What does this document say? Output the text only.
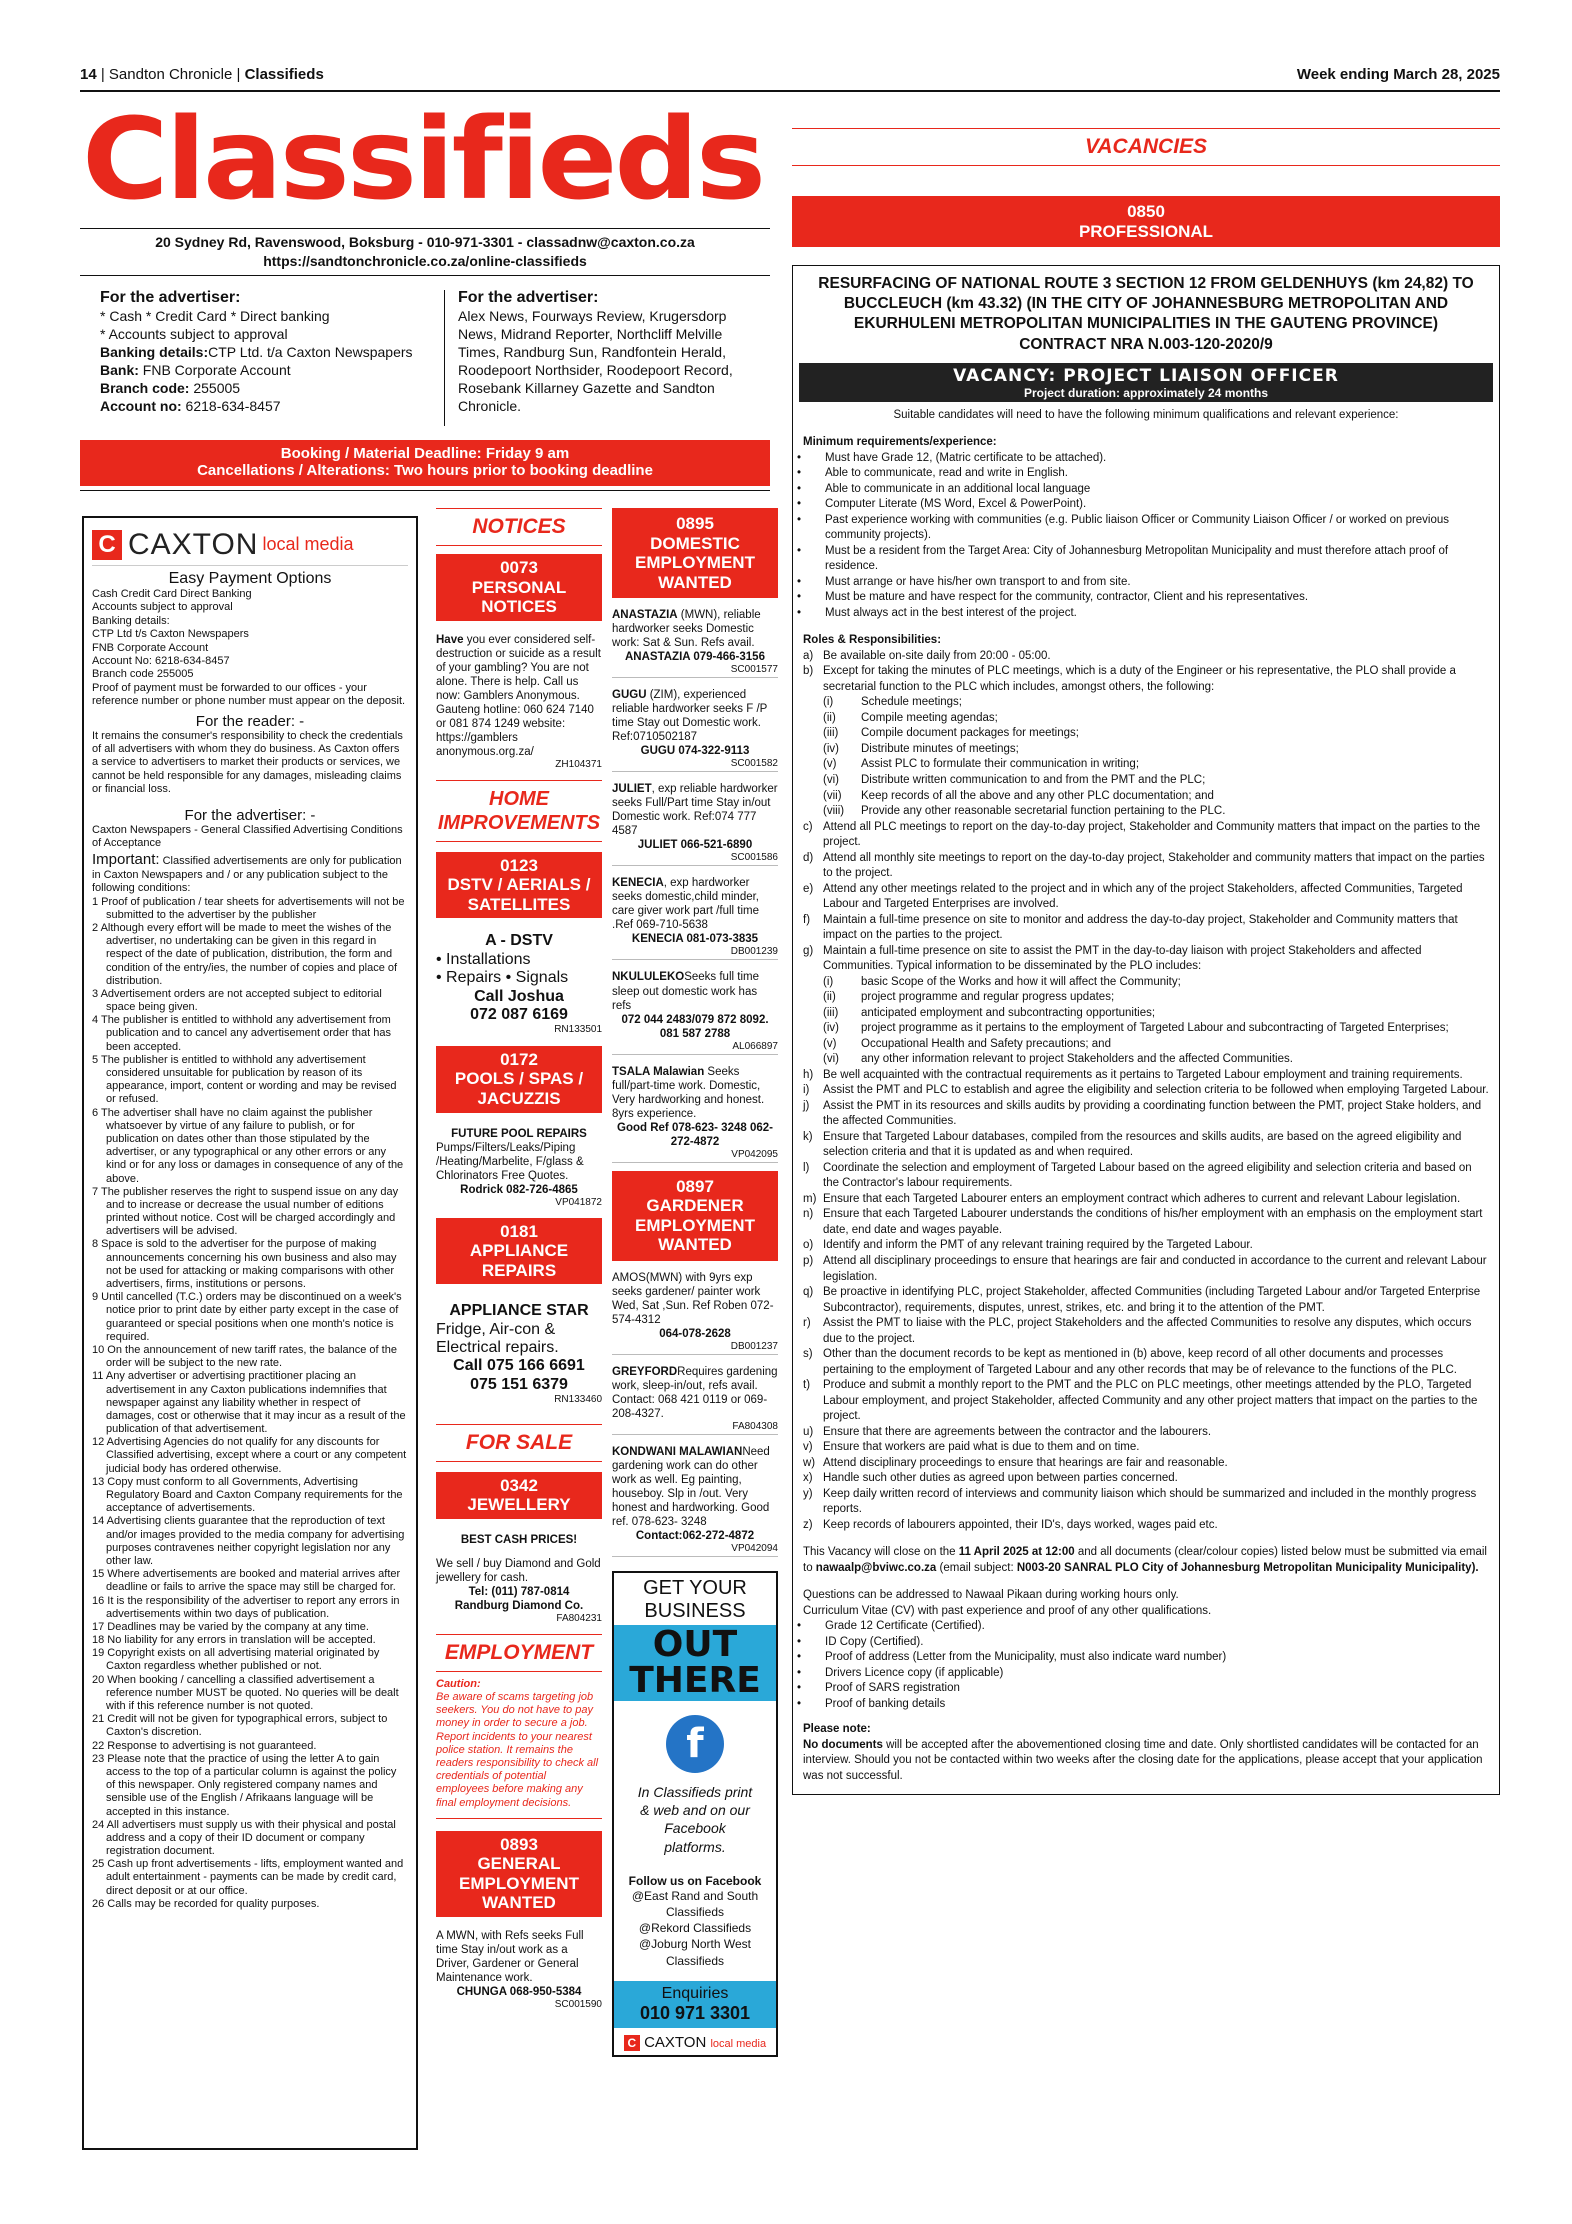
14 | Sandton Chronicle | Classifieds	Week ending March 28, 2025
Classifieds
20 Sydney Rd, Ravenswood, Boksburg - 010-971-3301 - classadnw@caxton.co.za
https://sandtonchronicle.co.za/online-classifieds
For the advertiser:
* Cash * Credit Card * Direct banking
* Accounts subject to approval
Banking details:CTP Ltd. t/a Caxton Newspapers
Bank: FNB Corporate Account
Branch code: 255005
Account no: 6218-634-8457
For the advertiser:
Alex News, Fourways Review, Krugersdorp News, Midrand Reporter, Northcliff Melville Times, Randburg Sun, Randfontein Herald, Roodepoort Northsider, Roodepoort Record, Rosebank Killarney Gazette and Sandton Chronicle.
Booking / Material Deadline: Friday 9 am
Cancellations / Alterations: Two hours prior to booking deadline
C CAXTON local media
Easy Payment Options
Cash Credit Card Direct Banking
Accounts subject to approval
Banking details:
CTP Ltd t/s Caxton Newspapers
FNB Corporate Account
Account No: 6218-634-8457
Branch code 255005
Proof of payment must be forwarded to our offices - your reference number or phone number must appear on the deposit.
For the reader: -
It remains the consumer's responsibility to check the credentials of all advertisers with whom they do business. As Caxton offers a service to advertisers to market their products or services, we cannot be held responsible for any damages, misleading claims or financial loss.
For the advertiser: -
Caxton Newspapers - General Classified Advertising Conditions of Acceptance
Important: Classified advertisements are only for publication in Caxton Newspapers and / or any publication subject to the following conditions:
1 Proof of publication / tear sheets for advertisements will not be submitted to the advertiser by the publisher
2 Although every effort will be made to meet the wishes of the advertiser, no undertaking can be given in this regard in respect of the date of publication, distribution, the form and condition of the entry/ies, the number of copies and place of distribution.
3 Advertisement orders are not accepted subject to editorial space being given.
4 The publisher is entitled to withhold any advertisement from publication and to cancel any advertisement order that has been accepted.
5 The publisher is entitled to withhold any advertisement considered unsuitable for publication by reason of its appearance, import, content or wording and may be revised or refused.
6 The advertiser shall have no claim against the publisher whatsoever by virtue of any failure to publish, or for publication on dates other than those stipulated by the advertiser, or any typographical or any other errors or any kind or for any loss or damages in consequence of any of the above.
7 The publisher reserves the right to suspend issue on any day and to increase or decrease the usual number of editions printed without notice. Cost will be charged accordingly and advertisers will be advised.
8 Space is sold to the advertiser for the purpose of making announcements concerning his own business and also may not be used for attacking or making comparisons with other advertisers, firms, institutions or persons.
9 Until cancelled (T.C.) orders may be discontinued on a week's notice prior to print date by either party except in the case of guaranteed or special positions when one month's notice is required.
10 On the announcement of new tariff rates, the balance of the order will be subject to the new rate.
11 Any advertiser or advertising practitioner placing an advertisement in any Caxton publications indemnifies that newspaper against any liability whether in respect of damages, cost or otherwise that it may incur as a result of the publication of that advertisement.
12 Advertising Agencies do not qualify for any discounts for Classified advertising, except where a court or any competent judicial body has ordered otherwise.
13 Copy must conform to all Governments, Advertising Regulatory Board and Caxton Company requirements for the acceptance of advertisements.
14 Advertising clients guarantee that the reproduction of text and/or images provided to the media company for advertising purposes contravenes neither copyright legislation nor any other law.
15 Where advertisements are booked and material arrives after deadline or fails to arrive the space may still be charged for.
16 It is the responsibility of the advertiser to report any errors in advertisements within two days of publication.
17 Deadlines may be varied by the company at any time.
18 No liability for any errors in translation will be accepted.
19 Copyright exists on all advertising material originated by Caxton regardless whether published or not.
20 When booking / cancelling a classified advertisement a reference number MUST be quoted. No queries will be dealt with if this reference number is not quoted.
21 Credit will not be given for typographical errors, subject to Caxton's discretion.
22 Response to advertising is not guaranteed.
23 Please note that the practice of using the letter A to gain access to the top of a particular column is against the policy of this newspaper. Only registered company names and sensible use of the English / Afrikaans language will be accepted in this instance.
24 All advertisers must supply us with their physical and postal address and a copy of their ID document or company registration document.
25 Cash up front advertisements - lifts, employment wanted and adult entertainment - payments can be made by credit card, direct deposit or at our office.
26 Calls may be recorded for quality purposes.
NOTICES
0073
PERSONAL NOTICES

Have you ever considered self-destruction or suicide as a result of your gambling? You are not alone. There is help. Call us now: Gamblers Anonymous. Gauteng hotline: 060 624 7140 or 081 874 1249 website: https://gamblers anonymous.org.za/

ZH104371
HOME IMPROVEMENTS
0123
DSTV / AERIALS / SATELLITES
A - DSTV
• Installations
• Repairs • Signals
Call Joshua
072 087 6169
RN133501
0172
POOLS / SPAS / JACUZZIS

FUTURE POOL REPAIRS

Pumps/Filters/Leaks/Piping /Heating/Marbelite, F/glass & Chlorinators Free Quotes.

Rodrick 082-726-4865

VP041872
0181
APPLIANCE REPAIRS
APPLIANCE STAR
Fridge, Air-con & Electrical repairs.
Call 075 166 6691
075 151 6379
RN133460
FOR SALE
0342
JEWELLERY

BEST CASH PRICES!

We sell / buy Diamond and Gold jewellery for cash.

Tel: (011) 787-0814

Randburg Diamond Co.

FA804231
EMPLOYMENT
Caution:
Be aware of scams targeting job seekers. You do not have to pay money in order to secure a job. Report incidents to your nearest police station. It remains the readers responsibility to check all credentials of potential employees before making any final employment decisions.
0893
GENERAL EMPLOYMENT WANTED

A MWN, with Refs seeks Full time Stay in/out work as a Driver, Gardener or General Maintenance work.

CHUNGA 068-950-5384

SC001590
0895
DOMESTIC EMPLOYMENT WANTED

ANASTAZIA (MWN), reliable hardworker seeks Domestic work: Sat & Sun. Refs avail.

ANASTAZIA 079-466-3156

SC001577

GUGU (ZIM), experienced reliable hardworker seeks F /P time Stay out Domestic work. Ref:0710502187

GUGU 074-322-9113

SC001582

JULIET, exp reliable hardworker seeks Full/Part time Stay in/out Domestic work. Ref:074 777 4587

JULIET 066-521-6890

SC001586

KENECIA, exp hardworker seeks domestic,child minder, care giver work part /full time .Ref 069-710-5638

KENECIA 081-073-3835

DB001239

NKULULEKOSeeks full time sleep out domestic work has refs

072 044 2483/079 872 8092. 081 587 2788

AL066897

TSALA Malawian Seeks full/part-time work. Domestic, Very hardworking and honest. 8yrs experience.

Good Ref 078-623- 3248 062-272-4872

VP042095
0897
GARDENER EMPLOYMENT WANTED

AMOS(MWN) with 9yrs exp seeks gardener/ painter work Wed, Sat ,Sun. Ref Roben 072-574-4312

064-078-2628

DB001237

GREYFORDRequires gardening work, sleep-in/out, refs avail. Contact: 068 421 0119 or 069-208-4327.

FA804308

KONDWANI MALAWIANNeed gardening work can do other work as well. Eg painting, houseboy. Slp in /out. Very honest and hardworking. Good ref. 078-623- 3248

Contact:062-272-4872

VP042094
GET YOUR
BUSINESS
OUT
THERE
f
In Classifieds print & web and on our Facebook platforms.
Follow us on Facebook
@East Rand and South Classifieds
@Rekord Classifieds
@Joburg North West Classifieds
Enquiries
010 971 3301
C CAXTON local media
VACANCIES
0850
PROFESSIONAL
RESURFACING OF NATIONAL ROUTE 3 SECTION 12 FROM GELDENHUYS (km 24,82) TO BUCCLEUCH (km 43.32) (IN THE CITY OF JOHANNESBURG METROPOLITAN AND EKURHULENI METROPOLITAN MUNICIPALITIES IN THE GAUTENG PROVINCE) CONTRACT NRA N.003-120-2020/9
VACANCY: PROJECT LIAISON OFFICER
Project duration: approximately 24 months
Suitable candidates will need to have the following minimum qualifications and relevant experience:
Minimum requirements/experience:
• Must have Grade 12, (Matric certificate to be attached).
• Able to communicate, read and write in English.
• Able to communicate in an additional local language
• Computer Literate (MS Word, Excel & PowerPoint).
• Past experience working with communities (e.g. Public liaison Officer or Community Liaison Officer / or worked on previous community projects).
• Must be a resident from the Target Area: City of Johannesburg Metropolitan Municipality and must therefore attach proof of residence.
• Must arrange or have his/her own transport to and from site.
• Must be mature and have respect for the community, contractor, Client and his representatives.
• Must always act in the best interest of the project.
Roles & Responsibilities:
a) Be available on-site daily from 20:00 - 05:00.
b) Except for taking the minutes of PLC meetings, which is a duty of the Engineer or his representative, the PLO shall provide a secretarial function to the PLC which includes, amongst others, the following:
(i)	Schedule meetings;
(ii)	Compile meeting agendas;
(iii)	Compile document packages for meetings;
(iv)	Distribute minutes of meetings;
(v)	Assist PLC to formulate their communication in writing;
(vi)	Distribute written communication to and from the PMT and the PLC;
(vii)	Keep records of all the above and any other PLC documentation; and
(viii)	Provide any other reasonable secretarial function pertaining to the PLC.
c) Attend all PLC meetings to report on the day-to-day project, Stakeholder and Community matters that impact on the parties to the project.
d) Attend all monthly site meetings to report on the day-to-day project, Stakeholder and community matters that impact on the parties to the project.
e) Attend any other meetings related to the project and in which any of the project Stakeholders, affected Communities, Targeted Labour and Targeted Enterprises are involved.
f)	Maintain a full-time presence on site to monitor and address the day-to-day project, Stakeholder and Community matters that impact on the parties to the project.
g) Maintain a full-time presence on site to assist the PMT in the day-to-day liaison with project Stakeholders and affected Communities. Typical information to be disseminated by the PLO includes:
(i)	basic Scope of the Works and how it will affect the Community;
(ii)	project programme and regular progress updates;
(iii)	anticipated employment and subcontracting opportunities;
(iv)	project programme as it pertains to the employment of Targeted Labour and subcontracting of Targeted Enterprises;
(v)	Occupational Health and Safety precautions; and
(vi)	any other information relevant to project Stakeholders and the affected Communities.
h) Be well acquainted with the contractual requirements as it pertains to Targeted Labour employment and training requirements.
i)	Assist the PMT and PLC to establish and agree the eligibility and selection criteria to be followed when employing Targeted Labour.
j)	Assist the PMT in its resources and skills audits by providing a coordinating function between the PMT, project Stake holders, and the affected Communities.
k) Ensure that Targeted Labour databases, compiled from the resources and skills audits, are based on the agreed eligibility and selection criteria and that it is updated as and when required.
l)	Coordinate the selection and employment of Targeted Labour based on the agreed eligibility and selection criteria and based on the Contractor's labour requirements.
m) Ensure that each Targeted Labourer enters an employment contract which adheres to current and relevant Labour legislation.
n) Ensure that each Targeted Labourer understands the conditions of his/her employment with an emphasis on the employment start date, end date and wages payable.
o) Identify and inform the PMT of any relevant training required by the Targeted Labour.
p) Attend all disciplinary proceedings to ensure that hearings are fair and conducted in accordance to the current and relevant Labour legislation.
q) Be proactive in identifying PLC, project Stakeholder, affected Communities (including Targeted Labour and/or Targeted Enterprise Subcontractor), requirements, disputes, unrest, strikes, etc. and bring it to the attention of the PMT.
r)	Assist the PMT to liaise with the PLC, project Stakeholders and the affected Communities to resolve any disputes, which occurs due to the project.
s) Other than the document records to be kept as mentioned in (b) above, keep record of all other documents and processes pertaining to the employment of Targeted Labour and any other records that may be of relevance to the functions of the PLC.
t)	Produce and submit a monthly report to the PMT and the PLC on PLC meetings, other meetings attended by the PLO, Targeted Labour employment, and project Stakeholder, affected Community and any other project matters that impact on the parties to the project.
u) Ensure that there are agreements between the contractor and the labourers.
v) Ensure that workers are paid what is due to them and on time.
w) Attend disciplinary proceedings to ensure that hearings are fair and reasonable.
x) Handle such other duties as agreed upon between parties concerned.
y) Keep daily written record of interviews and community liaison which should be summarized and included in the monthly progress reports.
z) Keep records of labourers appointed, their ID's, days worked, wages paid etc.
This Vacancy will close on the 11 April 2025 at 12:00 and all documents (clear/colour copies) listed below must be submitted via email to nawaalp@bviwc.co.za (email subject: N003-20 SANRAL PLO City of Johannesburg Metropolitan Municipality Municipality).
Questions can be addressed to Nawaal Pikaan during working hours only.
Curriculum Vitae (CV) with past experience and proof of any other qualifications.
• Grade 12 Certificate (Certified).
• ID Copy (Certified).
• Proof of address (Letter from the Municipality, must also indicate ward number)
• Drivers Licence copy (if applicable)
• Proof of SARS registration
• Proof of banking details
Please note:
No documents will be accepted after the abovementioned closing time and date. Only shortlisted candidates will be contacted for an interview. Should you not be contacted within two weeks after the closing date for the applications, please accept that your application was not successful.
